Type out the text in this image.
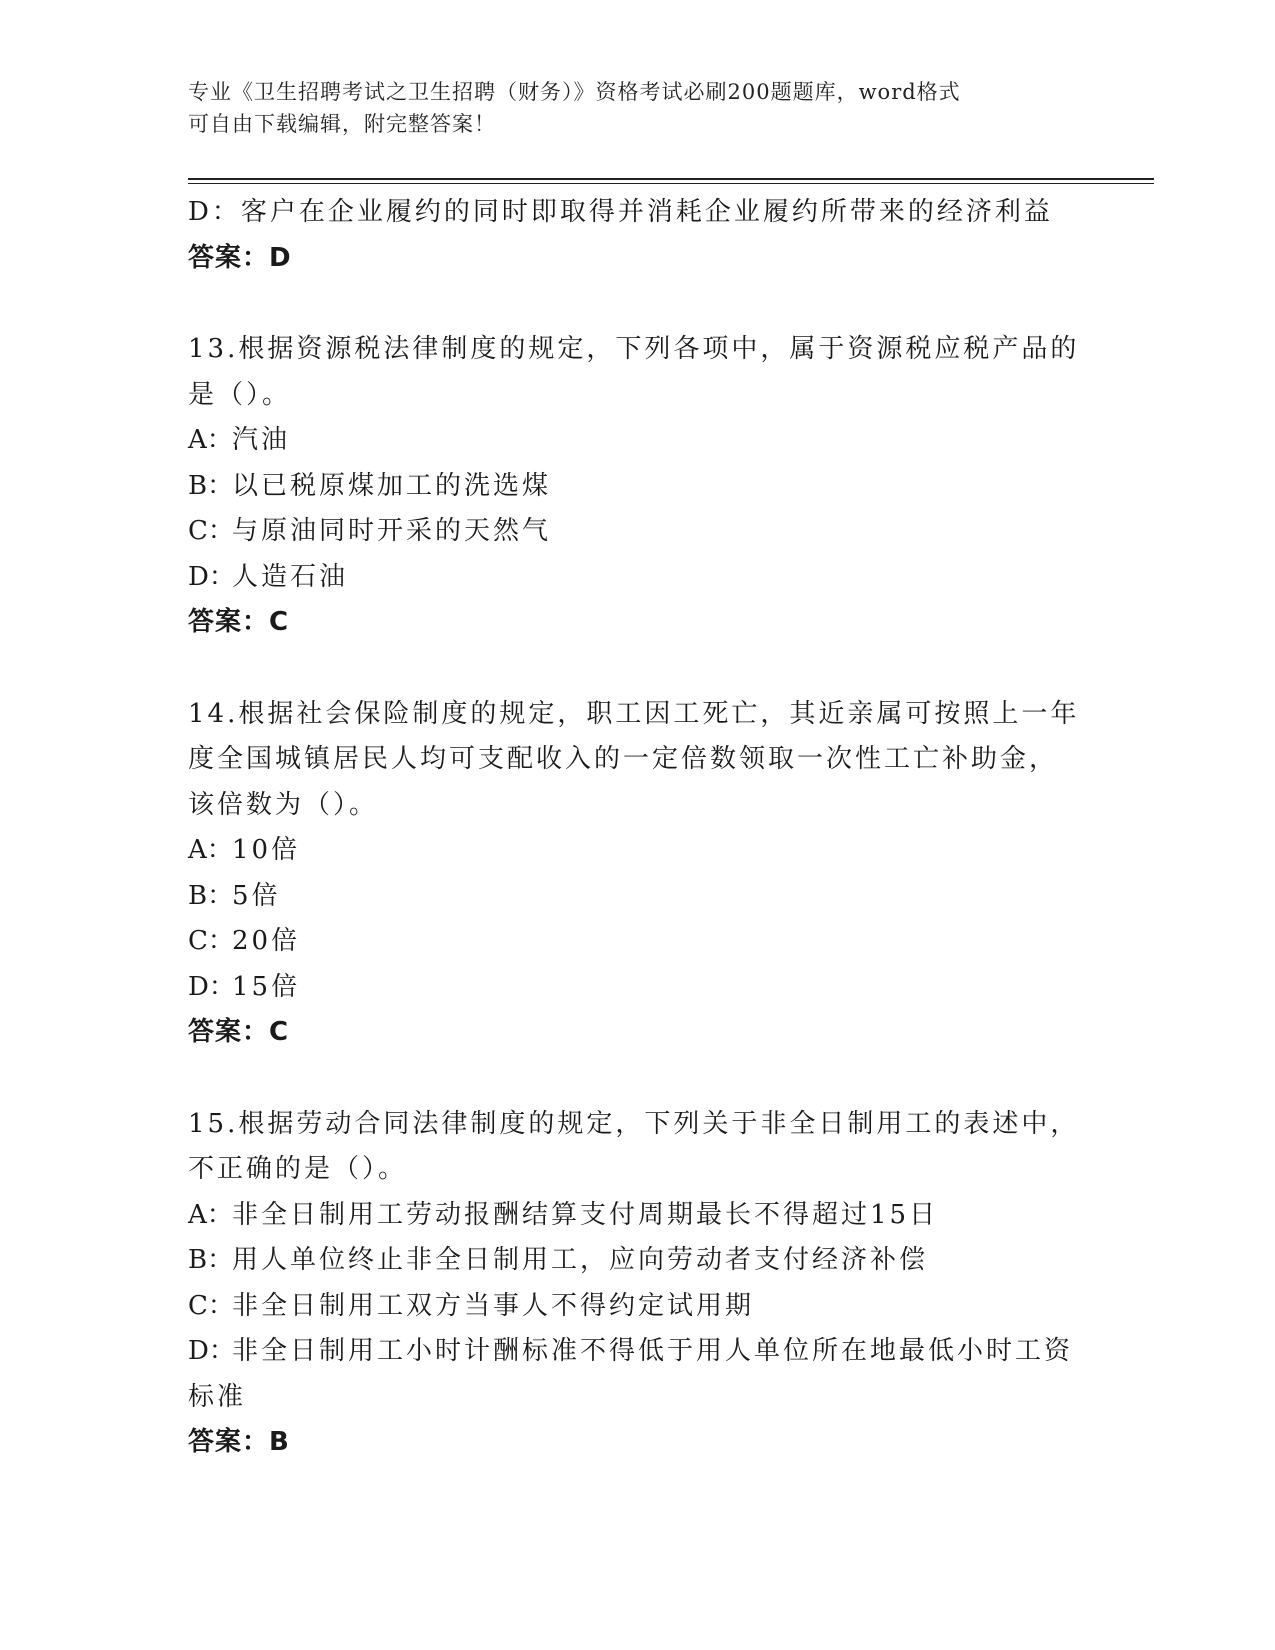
专业《卫生招聘考试之卫生招聘（财务）》资格考试必刷200题题库，word格式
可自由下载编辑，附完整答案！
D：客户在企业履约的同时即取得并消耗企业履约所带来的经济利益
答案：D
13.根据资源税法律制度的规定，下列各项中，属于资源税应税产品的
是（）。
A：汽油
B：以已税原煤加工的洗选煤
C：与原油同时开采的天然气
D：人造石油
答案：C
14.根据社会保险制度的规定，职工因工死亡，其近亲属可按照上一年
度全国城镇居民人均可支配收入的一定倍数领取一次性工亡补助金，
该倍数为（）。
A：10倍
B：5倍
C：20倍
D：15倍
答案：C
15.根据劳动合同法律制度的规定，下列关于非全日制用工的表述中，
不正确的是（）。
A：非全日制用工劳动报酬结算支付周期最长不得超过15日
B：用人单位终止非全日制用工，应向劳动者支付经济补偿
C：非全日制用工双方当事人不得约定试用期
D：非全日制用工小时计酬标准不得低于用人单位所在地最低小时工资
标准
答案：B
